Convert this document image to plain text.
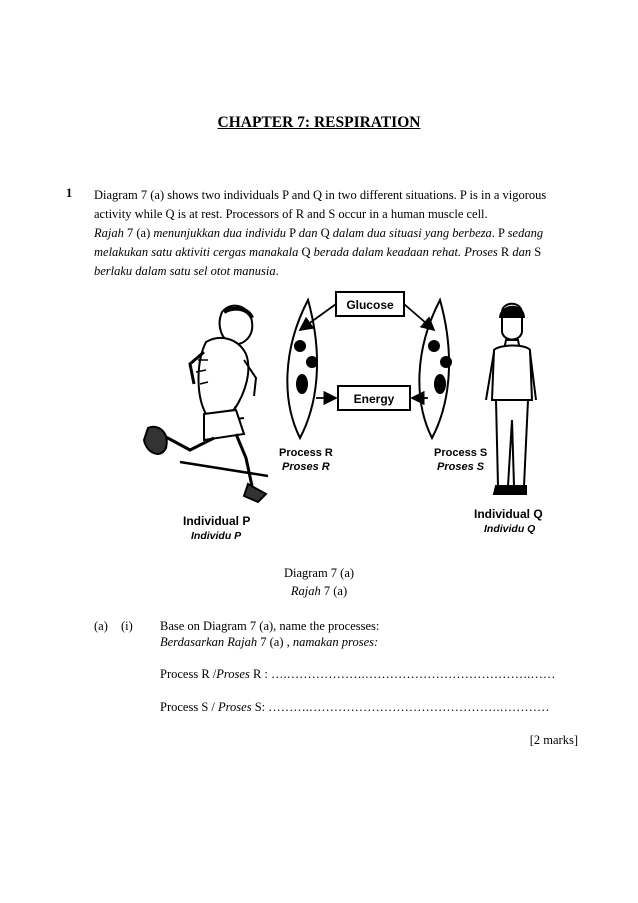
CHAPTER 7: RESPIRATION
1 Diagram 7 (a) shows two individuals P and Q in two different situations. P is in a vigorous activity while Q is at rest. Processors of R and S occur in a human muscle cell.
Rajah 7 (a) menunjukkan dua individu P dan Q dalam dua situasi yang berbeza. P sedang melakukan satu aktiviti cergas manakala Q berada dalam keadaan rehat. Proses R dan S berlaku dalam satu sel otot manusia.
Glucose
Energy
Process R
Proses R
Process S
Proses S
Individual P
Individu P
Individual Q
Individu Q
Diagram 7 (a)
Rajah 7 (a)
(a) (i) Base on Diagram 7 (a), name the processes:
Berdasarkan Rajah 7 (a) , namakan proses:
Process R /Proses R : ….……………….………………………………….……
Process S / Proses S: ……….……………………………………….…………
[2 marks]
